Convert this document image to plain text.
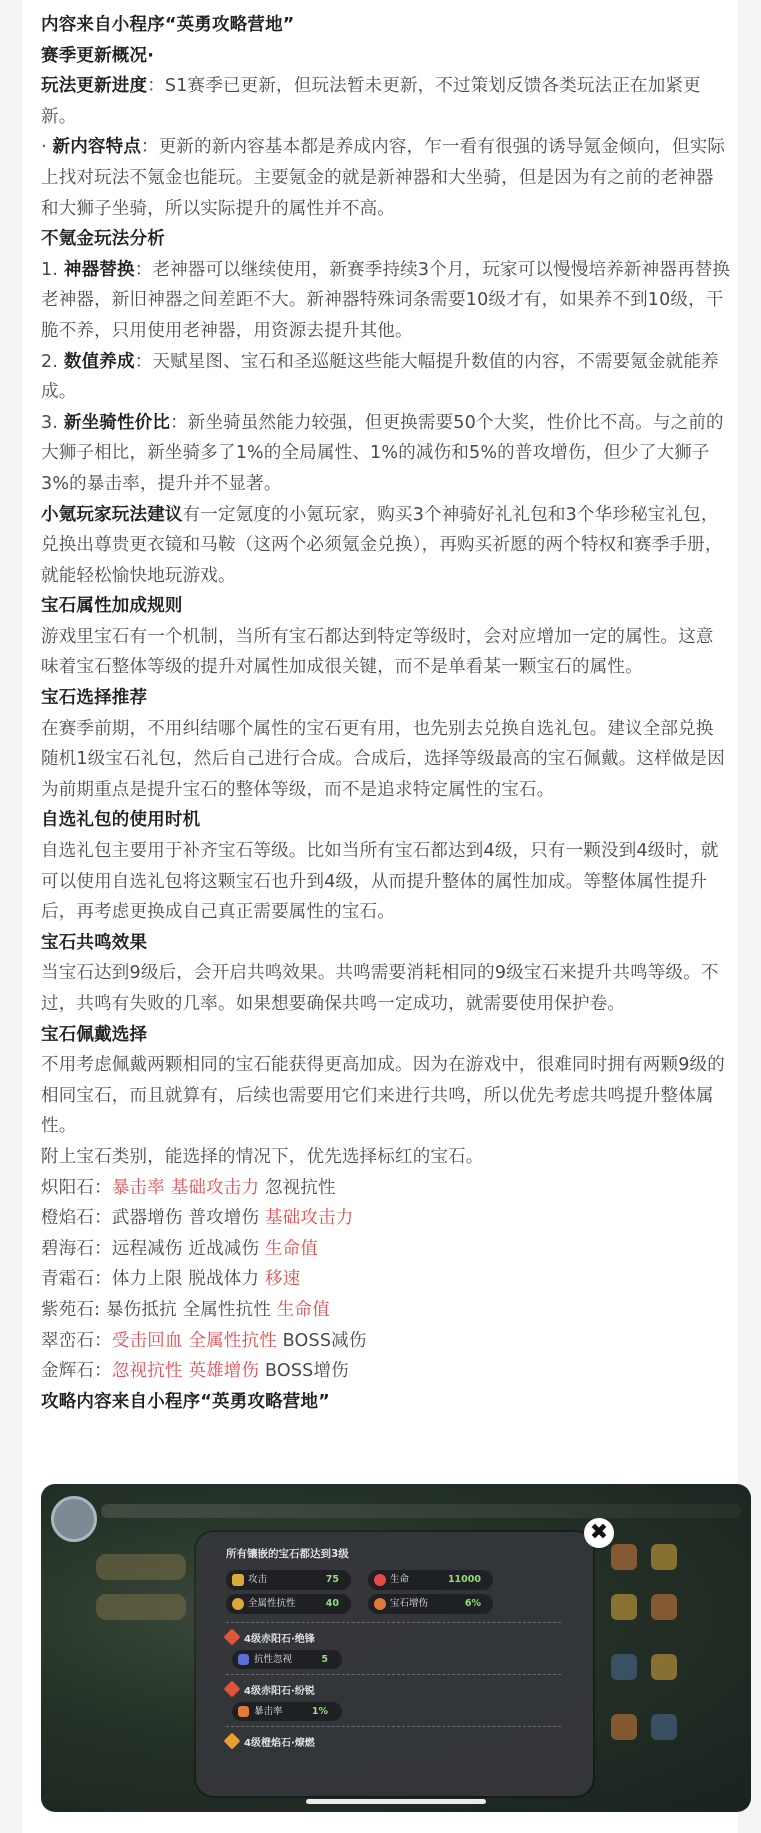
内容来自小程序“英勇攻略营地”

赛季更新概况·

玩法更新进度：S1赛季已更新，但玩法暂未更新，不过策划反馈各类玩法正在加紧更新。

· 新内容特点：更新的新内容基本都是养成内容，乍一看有很强的诱导氪金倾向，但实际上找对玩法不氪金也能玩。主要氪金的就是新神器和大坐骑，但是因为有之前的老神器和大狮子坐骑，所以实际提升的属性并不高。

不氪金玩法分析

1. 神器替换：老神器可以继续使用，新赛季持续3个月，玩家可以慢慢培养新神器再替换老神器，新旧神器之间差距不大。新神器特殊词条需要10级才有，如果养不到10级，干脆不养，只用使用老神器，用资源去提升其他。

2. 数值养成：天赋星图、宝石和圣巡艇这些能大幅提升数值的内容，不需要氪金就能养成。

3. 新坐骑性价比：新坐骑虽然能力较强，但更换需要50个大奖，性价比不高。与之前的大狮子相比，新坐骑多了1%的全局属性、1%的减伤和5%的普攻增伤，但少了大狮子3%的暴击率，提升并不显著。

小氪玩家玩法建议有一定氪度的小氪玩家，购买3个神骑好礼礼包和3个华珍秘宝礼包，兑换出尊贵更衣镜和马鞍（这两个必须氪金兑换），再购买祈愿的两个特权和赛季手册，就能轻松愉快地玩游戏。

宝石属性加成规则

游戏里宝石有一个机制，当所有宝石都达到特定等级时，会对应增加一定的属性。这意味着宝石整体等级的提升对属性加成很关键，而不是单看某一颗宝石的属性。

宝石选择推荐

在赛季前期，不用纠结哪个属性的宝石更有用，也先别去兑换自选礼包。建议全部兑换随机1级宝石礼包，然后自己进行合成。合成后，选择等级最高的宝石佩戴。这样做是因为前期重点是提升宝石的整体等级，而不是追求特定属性的宝石。

自选礼包的使用时机

自选礼包主要用于补齐宝石等级。比如当所有宝石都达到4级，只有一颗没到4级时，就可以使用自选礼包将这颗宝石也升到4级，从而提升整体的属性加成。等整体属性提升后，再考虑更换成自己真正需要属性的宝石。

宝石共鸣效果

当宝石达到9级后，会开启共鸣效果。共鸣需要消耗相同的9级宝石来提升共鸣等级。不过，共鸣有失败的几率。如果想要确保共鸣一定成功，就需要使用保护卷。

宝石佩戴选择

不用考虑佩戴两颗相同的宝石能获得更高加成。因为在游戏中，很难同时拥有两颗9级的相同宝石，而且就算有，后续也需要用它们来进行共鸣，所以优先考虑共鸣提升整体属性。

附上宝石类别，能选择的情况下，优先选择标红的宝石。

炽阳石：暴击率 基础攻击力 忽视抗性

橙焰石：武器增伤 普攻增伤 基础攻击力

碧海石：远程减伤 近战减伤 生命值

青霜石：体力上限 脱战体力 移速

紫苑石: 暴伤抵抗 全属性抗性 生命值

翠峦石：受击回血 全属性抗性 BOSS减伤

金辉石：忽视抗性 英雄增伤 BOSS增伤

攻略内容来自小程序“英勇攻略营地”

所有镶嵌的宝石都达到3级
攻击	75	生命	11000
全属性抗性	40	宝石增伤	6%
4级赤阳石·绝锋
抗性忽视	5
4级赤阳石·纷锐
暴击率	1%
4级橙焰石·燎燃
✖
